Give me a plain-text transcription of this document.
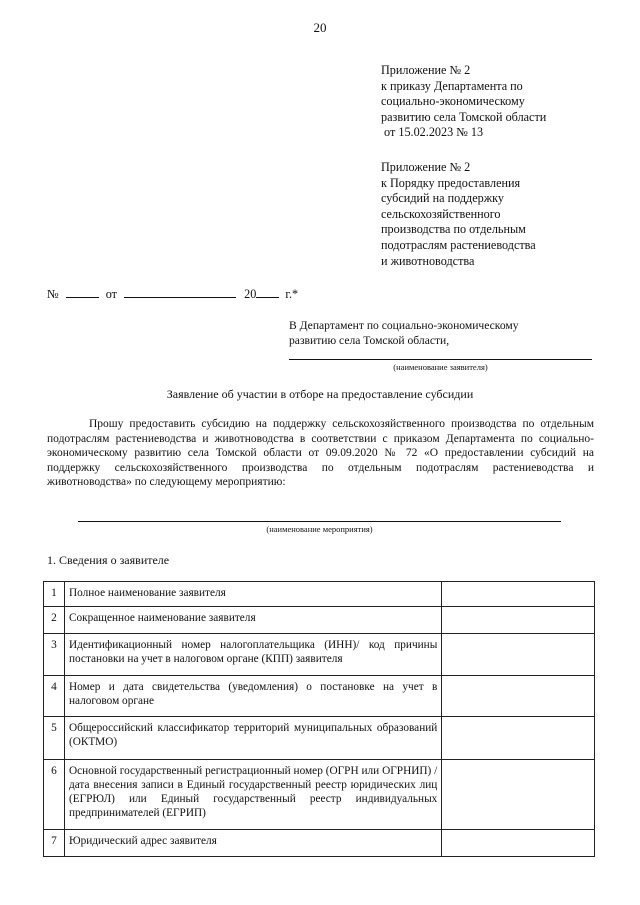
20
Приложение № 2
к приказу Департамента по
социально-экономическому
развитию села Томской области
от 15.02.2023 № 13
Приложение № 2
к Порядку предоставления
субсидий на поддержку
сельскохозяйственного
производства по отдельным
подотраслям растениеводства
и животноводства
№	от	20 г.*
В Департамент по социально-экономическому
развитию села Томской области,
(наименование заявителя)
Заявление об участии в отборе на предоставление субсидии
Прошу предоставить субсидию на поддержку сельскохозяйственного производства по отдельным подотраслям растениеводства и животноводства в соответствии с приказом Департамента по социально-экономическому развитию села Томской области от 09.09.2020 № 72 «О предоставлении субсидий на поддержку сельскохозяйственного производства по отдельным подотраслям растениеводства и животноводства» по следующему мероприятию:
(наименование мероприятия)
1. Сведения о заявителе
1	Полное наименование заявителя	
2	Сокращенное наименование заявителя	
3	Идентификационный номер налогоплательщика (ИНН)/ код причины постановки на учет в налоговом органе (КПП) заявителя	
4	Номер и дата свидетельства (уведомления) о постановке на учет в налоговом органе	
5	Общероссийский классификатор территорий муниципальных образований (ОКТМО)	
6	Основной государственный регистрационный номер (ОГРН или ОГРНИП) / дата внесения записи в Единый государственный реестр юридических лиц (ЕГРЮЛ) или Единый государственный реестр индивидуальных предпринимателей (ЕГРИП)	
7	Юридический адрес заявителя	
